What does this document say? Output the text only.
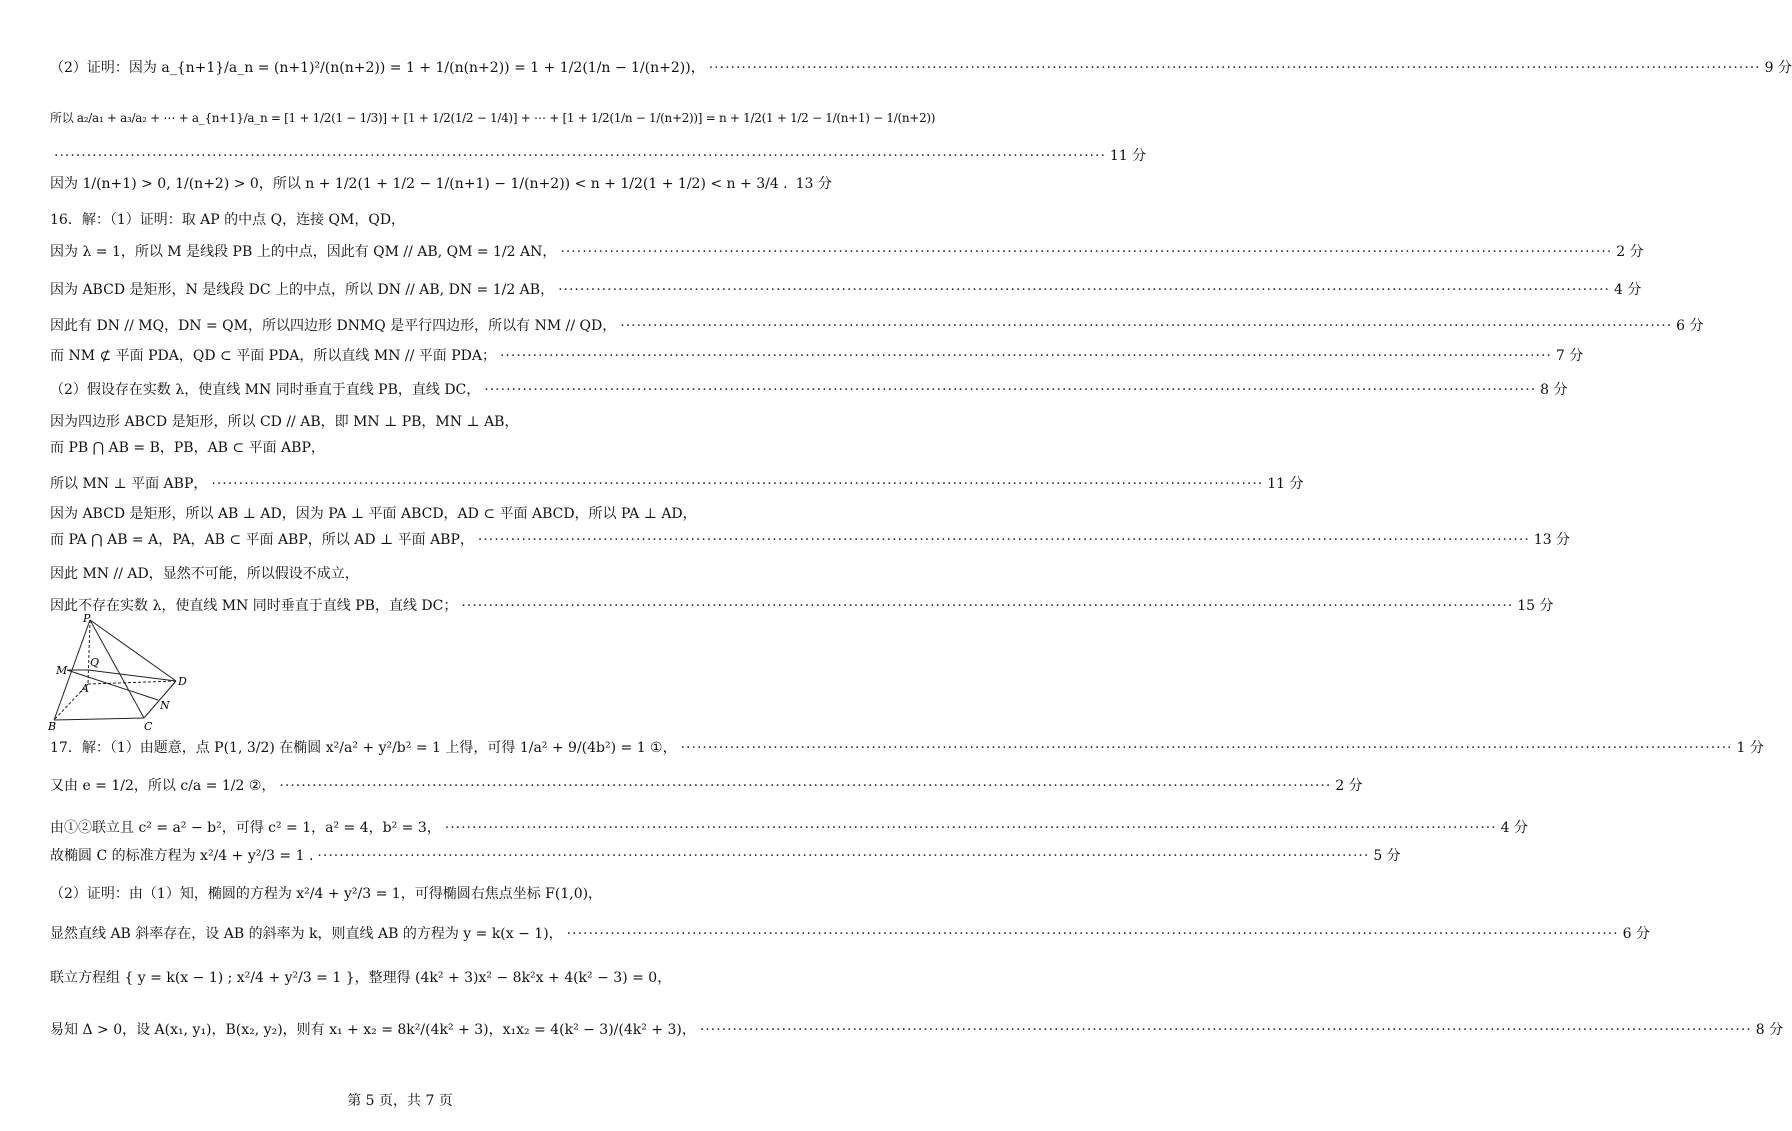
（2）证明：因为 a_{n+1}/a_n = (n+1)²/(n(n+2)) = 1 + 1/(n(n+2)) = 1 + 1/2(1/n − 1/(n+2))， ·····	9 分
所以 a₂/a₁ + a₃/a₂ + ⋯ + a_{n+1}/a_n = [1 + 1/2(1 − 1/3)] + [1 + 1/2(1/2 − 1/4)] + ⋯ + [1 + 1/2(1/n − 1/(n+2))] = n + 1/2(1 + 1/2 − 1/(n+1) − 1/(n+2))
·····
11 分
因为 1/(n+1) > 0, 1/(n+2) > 0，所以 n + 1/2(1 + 1/2 − 1/(n+1) − 1/(n+2)) < n + 1/2(1 + 1/2) < n + 3/4 . 13 分
16．解：（1）证明：取 AP 的中点 Q，连接 QM，QD，
因为 λ = 1，所以 M 是线段 PB 上的中点，因此有 QM // AB, QM = 1/2 AN， ·····	2 分
因为 ABCD 是矩形，N 是线段 DC 上的中点，所以 DN // AB, DN = 1/2 AB， ·····	4 分
因此有 DN // MQ，DN = QM，所以四边形 DNMQ 是平行四边形，所以有 NM // QD， ·····	6 分
而 NM ⊄ 平面 PDA，QD ⊂ 平面 PDA，所以直线 MN // 平面 PDA； ·····	7 分
（2）假设存在实数 λ，使直线 MN 同时垂直于直线 PB，直线 DC， ·····	8 分
因为四边形 ABCD 是矩形，所以 CD // AB，即 MN ⊥ PB，MN ⊥ AB，
而 PB ⋂ AB = B，PB，AB ⊂ 平面 ABP，
所以 MN ⊥ 平面 ABP， ·····	11 分
因为 ABCD 是矩形，所以 AB ⊥ AD，因为 PA ⊥ 平面 ABCD，AD ⊂ 平面 ABCD，所以 PA ⊥ AD，
而 PA ⋂ AB = A，PA，AB ⊂ 平面 ABP，所以 AD ⊥ 平面 ABP， ·····	13 分
因此 MN // AD，显然不可能，所以假设不成立，
因此不存在实数 λ，使直线 MN 同时垂直于直线 PB，直线 DC； ·····	15 分
P
Q
M
A
D
N
B	C
17．解：（1）由题意，点 P(1, 3/2) 在椭圆 x²/a² + y²/b² = 1 上得，可得 1/a² + 9/(4b²) = 1 ①， ·····	1 分
又由 e = 1/2，所以 c/a = 1/2 ②， ·····	2 分
由①②联立且 c² = a² − b²，可得 c² = 1，a² = 4，b² = 3， ·····	4 分
故椭圆 C 的标准方程为 x²/4 + y²/3 = 1 . ·····	5 分
（2）证明：由（1）知，椭圆的方程为 x²/4 + y²/3 = 1，可得椭圆右焦点坐标 F(1,0)，
显然直线 AB 斜率存在，设 AB 的斜率为 k，则直线 AB 的方程为 y = k(x − 1)， ·····	6 分
联立方程组 { y = k(x − 1) ; x²/4 + y²/3 = 1 }，整理得 (4k² + 3)x² − 8k²x + 4(k² − 3) = 0，
易知 Δ > 0，设 A(x₁, y₁)，B(x₂, y₂)，则有 x₁ + x₂ = 8k²/(4k² + 3)，x₁x₂ = 4(k² − 3)/(4k² + 3)， ·····	8 分
第 5 页，共 7 页
